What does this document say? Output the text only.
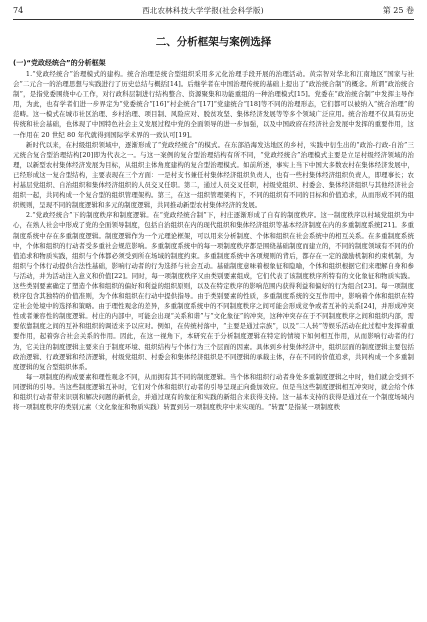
74	西北农林科技大学学报(社会科学版)	第 25 卷
二、分析框架与案例选择

(一)“党政经统合”的分析框架

1.“党政经统合”治理模式的建构。统合治理是统合型组织采用多元化治理手段开展的治理活动。黄宗智对华北和江南地区“国家与社会”二元合一的治理思想与实践进行了历史总结与概括[14]。后继学者在中国治理传统的基础上提出了“政治统合制”的概念。所谓“政治统合制”，是指党委围绕中心工作，对行政科层制进行结构整合、资源聚集和功能重组的一种治理模式[15]。党委在“政治统合制”中发挥主导作用，为此，也有学者们进一步界定为“党委统合”[16]“村企统合”[17]“党建统合”[18]等不同的治理形态，它们都可以被纳入“统合治理”的范畴。这一模式在城市社区治理、乡村治理、项目制、风险应对、脱贫攻坚、集体经济发展等等多个领域广泛应用。统合治理不仅具有历史传统和社会基础，也体现了中国特色社会主义发展过程中党的全面领导的进一步加强，以及中国政府在经济社会发展中发挥的重要作用，这一作用在 20 世纪 80 年代就得到国际学术界的一致认可[19]。

新时代以来，在村级组织领域中，逐渐形成了“党政经统合”的模式。在东部沿海发达地区的乡村，实践中衍生出的“政治-行政-自治”三元统合复合型治理结构[20]即为代表之一。与这一案例的复合型治理结构有所不同，“党政经统合”治理模式主要是立足村级经济领域的治理，以新型农村集体经济发展为目标，从组织主体角度建构的复合型治理模式。如前所述，事实上当下中国大多数农村在集体经济发展中，已经形成这一复合型结构，主要表现在三个方面：一是村支书兼任村集体经济组织负责人，也有一些村集体经济组织负责人，即理事长；农村基层党组织、自治组织和集体经济组织的人员交叉任职。第二，通过人员交叉任职，村级党组织、村委会、集体经济组织与其他经济社会组织一起，共同构成一个复合型的组织管理架构。第三，在这一组织管理架构下，不同的组织有不同的目标和价值追求，从而形成不同的组织规则，呈现不同的制度逻辑和多元的制度逻辑，共同推动新型农村集体经济的发展。

2.“党政经统合”下的制度秩序和制度逻辑。在“党政经统合制”下，村庄逐渐形成了自有的制度秩序。这一制度秩序以村域党组织为中心，在熟人社会中形成了党的全面领导制度，包括自治组织在内的现代组织和集体经济组织等基本经济制度在内的多重制度系统[21]。多重制度系统中存在多重制度逻辑。制度逻辑作为一个元理论框架，可以用来分析制度、个体和组织在社会系统中的相互关系。在多重制度系统中，个体和组织的行动者受多重社会规范影响。多重制度系统中的每一项制度秩序都是围绕基础制度而建立的，不同的制度领域有不同的价值追求和物质实践，组织与个体都必须受到所在场域的制度约束。多重制度系统中各项规则的背后，都存在一定的激励机制和约束机制，为组织与个体行动提供合法性基础，影响行动者的行为选择与社会互动。基础制度意味着根象征和隐喻，个体和组织根据它们来理解自身和参与活动，并为活动注入意义和价值[22]。同时，每一项制度秩序又由类别要素组成，它们代表了该制度秩序所特有的文化象征和物质实践。这些类别要素确定了塑造个体和组织的偏好和利益的组织原则，以及在特定秩序的影响范围内获得利益和偏好的行为组合[23]。每一项制度秩序包含其独特的价值准则，为个体和组织在行动中提供指导。由于类别要素的性质，多重制度系统的交互作用中，影响着个体和组织在特定社会处境中的选择和策略。由于理性观念的差异，多重制度系统中的不同制度秩序之间可能会形成竞争或者互补的关系[24]，并形成冲突性或者兼容性的制度逻辑。村庄的内部中，可能会出现“关系和谐”与“文化象征”的冲突，这种冲突存在于不同制度秩序之间和组织内部，需要依靠制度之间的互补和组织的调适来予以应对。例如，在传统村落中，“主要是通过宗族”，以及“二人转”等娱乐活动在此过程中发挥着重要作用，起着弥合社会关系的作用。因此，在这一视角下，本研究在于分析制度逻辑在特定的情境下如何相互作用，从而影响行动者的行为，它关注的制度逻辑主要来自于制度环境、组织结构与个体行为三个层面的因素。具体到乡村集体经济中，组织层面的制度逻辑主要包括政治逻辑、行政逻辑和经济逻辑，村级党组织、村委会和集体经济组织是不同逻辑的承载主体，存在不同的价值追求，共同构成一个多重制度逻辑的复合型组织体系。

每一项制度的构成要素和理性观念不同，从而拥有其不同的制度逻辑。当个体和组织行动者身处多重制度逻辑之中时，他们就会受到不同逻辑的引导。当这些制度逻辑互补时，它们对个体和组织行动者的引导呈现正向叠加效应。但是当这些制度逻辑相互冲突时，就会给个体和组织行动者带来识别和解决问题的新机会，并通过现有的象征和实践的新组合来获得支持。这一基本支持的获得是通过在一个制度场域内将一项制度秩序的类别元素（文化象征和物质实践）转置到另一项制度秩序中来实现的。“转置”是指某一项制度秩
